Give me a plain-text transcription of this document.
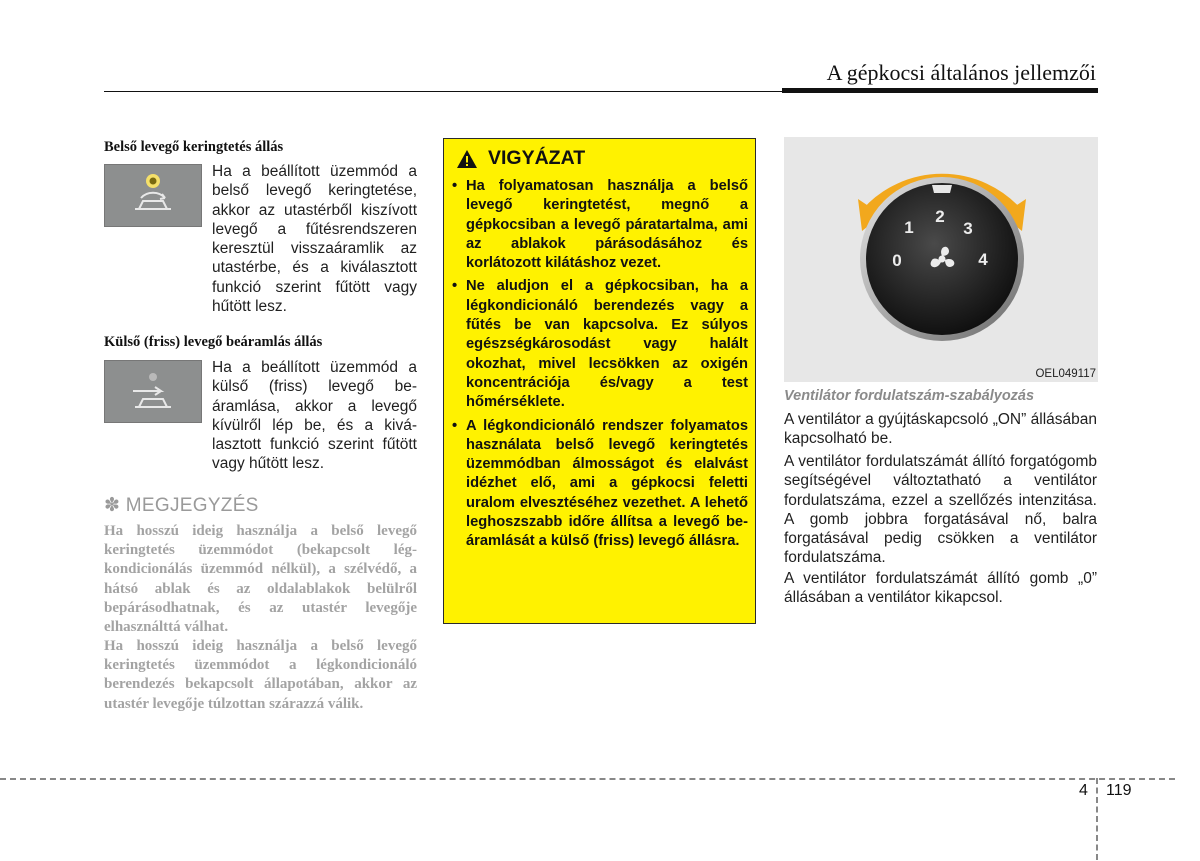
A gépkocsi általános jellemzői
Belső levegő keringtetés állás
Ha a beállított üzemmód a belső levegő keringtetése, akkor az utastérből kiszívott levegő a fűtésrendszeren keresztül visszaáramlik az utastérbe, és a kiválasztott funkció szerint fűtött vagy hűtött lesz.
Külső (friss) levegő beáramlás állás
Ha a beállított üzemmód a külső (friss) levegő beáramlása, akkor a levegő kívülről lép be, és a kiválasztott funkció szerint fűtött vagy hűtött lesz.
✽ MEGJEGYZÉS
Ha hosszú ideig használja a belső levegő keringtetés üzemmódot (bekapcsolt légkondicionálás üzemmód nélkül), a szélvédő, a hátsó ablak és az oldalablakok belülről bepárásodhatnak, és az utastér levegője elhasználttá válhat.
Ha hosszú ideig használja a belső levegő keringtetés üzemmódot a légkondicionáló berendezés bekapcsolt állapotában, akkor az utastér levegője túlzottan szárazzá válik.
VIGYÁZAT
• Ha folyamatosan használja a belső levegő keringtetést, megnő a gépkocsiban a levegő páratartalma, ami az ablakok párásodásához és korlátozott kilátáshoz vezet.
• Ne aludjon el a gépkocsiban, ha a légkondicionáló berendezés vagy a fűtés be van kapcsolva. Ez súlyos egészségkárosodást vagy halált okozhat, mivel lecsökken az oxigén koncentrációja és/vagy a test hőmérséklete.
• A légkondicionáló rendszer folyamatos használata belső levegő keringtetés üzemmódban álmosságot és elalvást idézhet elő, ami a gépkocsi feletti uralom elvesztéséhez vezethet. A lehető leghoszszabb időre állítsa a levegő beáramlását a külső (friss) levegő állásra.
0
1
2
3
4
OEL049117
Ventilátor fordulatszám-szabályozás
A ventilátor a gyújtáskapcsoló „ON” állásában kapcsolható be.
A ventilátor fordulatszámát állító forgatógomb segítségével változtatható a ventilátor fordulatszáma, ezzel a szellőzés intenzitása. A gomb jobbra forgatásával nő, balra forgatásával pedig csökken a ventilátor fordulatszáma.
A ventilátor fordulatszámát állító gomb „0” állásában a ventilátor kikapcsol.
4 119
